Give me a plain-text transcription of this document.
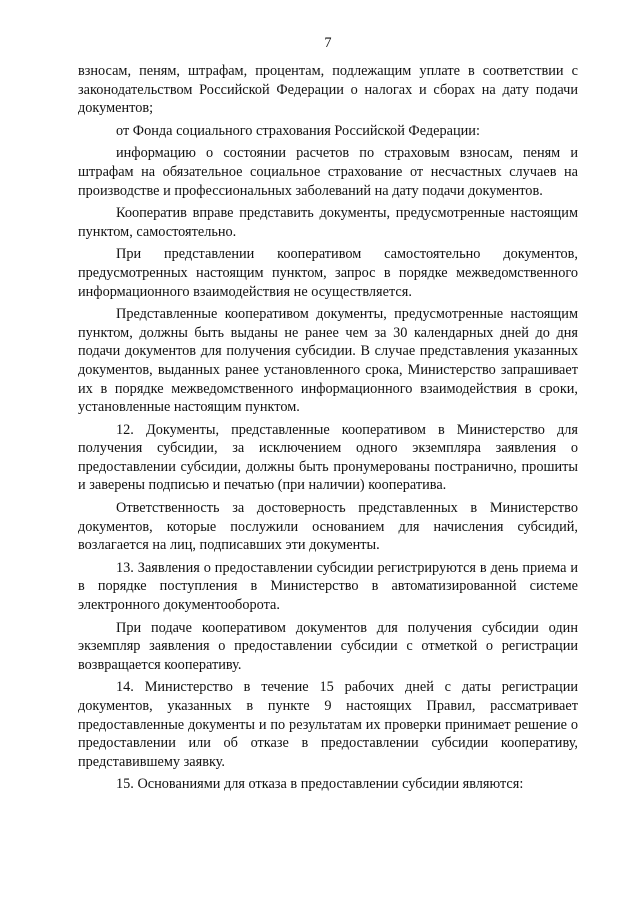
7

взносам, пеням, штрафам, процентам, подлежащим уплате в соответствии с законодательством Российской Федерации о налогах и сборах на дату подачи документов;

от Фонда социального страхования Российской Федерации:

информацию о состоянии расчетов по страховым взносам, пеням и штрафам на обязательное социальное страхование от несчастных случаев на производстве и профессиональных заболеваний на дату подачи документов.

Кооператив вправе представить документы, предусмотренные настоящим пунктом, самостоятельно.

При представлении кооперативом самостоятельно документов, предусмотренных настоящим пунктом, запрос в порядке межведомственного информационного взаимодействия не осуществляется.

Представленные кооперативом документы, предусмотренные настоящим пунктом, должны быть выданы не ранее чем за 30 календарных дней до дня подачи документов для получения субсидии. В случае представления указанных документов, выданных ранее установленного срока, Министерство запрашивает их в порядке межведомственного информационного взаимодействия в сроки, установленные настоящим пунктом.

12. Документы, представленные кооперативом в Министерство для получения субсидии, за исключением одного экземпляра заявления о предоставлении субсидии, должны быть пронумерованы постранично, прошиты и заверены подписью и печатью (при наличии) кооператива.

Ответственность за достоверность представленных в Министерство документов, которые послужили основанием для начисления субсидий, возлагается на лиц, подписавших эти документы.

13. Заявления о предоставлении субсидии регистрируются в день приема и в порядке поступления в Министерство в автоматизированной системе электронного документооборота.

При подаче кооперативом документов для получения субсидии один экземпляр заявления о предоставлении субсидии с отметкой о регистрации возвращается кооперативу.

14. Министерство в течение 15 рабочих дней с даты регистрации документов, указанных в пункте 9 настоящих Правил, рассматривает предоставленные документы и по результатам их проверки принимает решение о предоставлении или об отказе в предоставлении субсидии кооперативу, представившему заявку.

15. Основаниями для отказа в предоставлении субсидии являются:
